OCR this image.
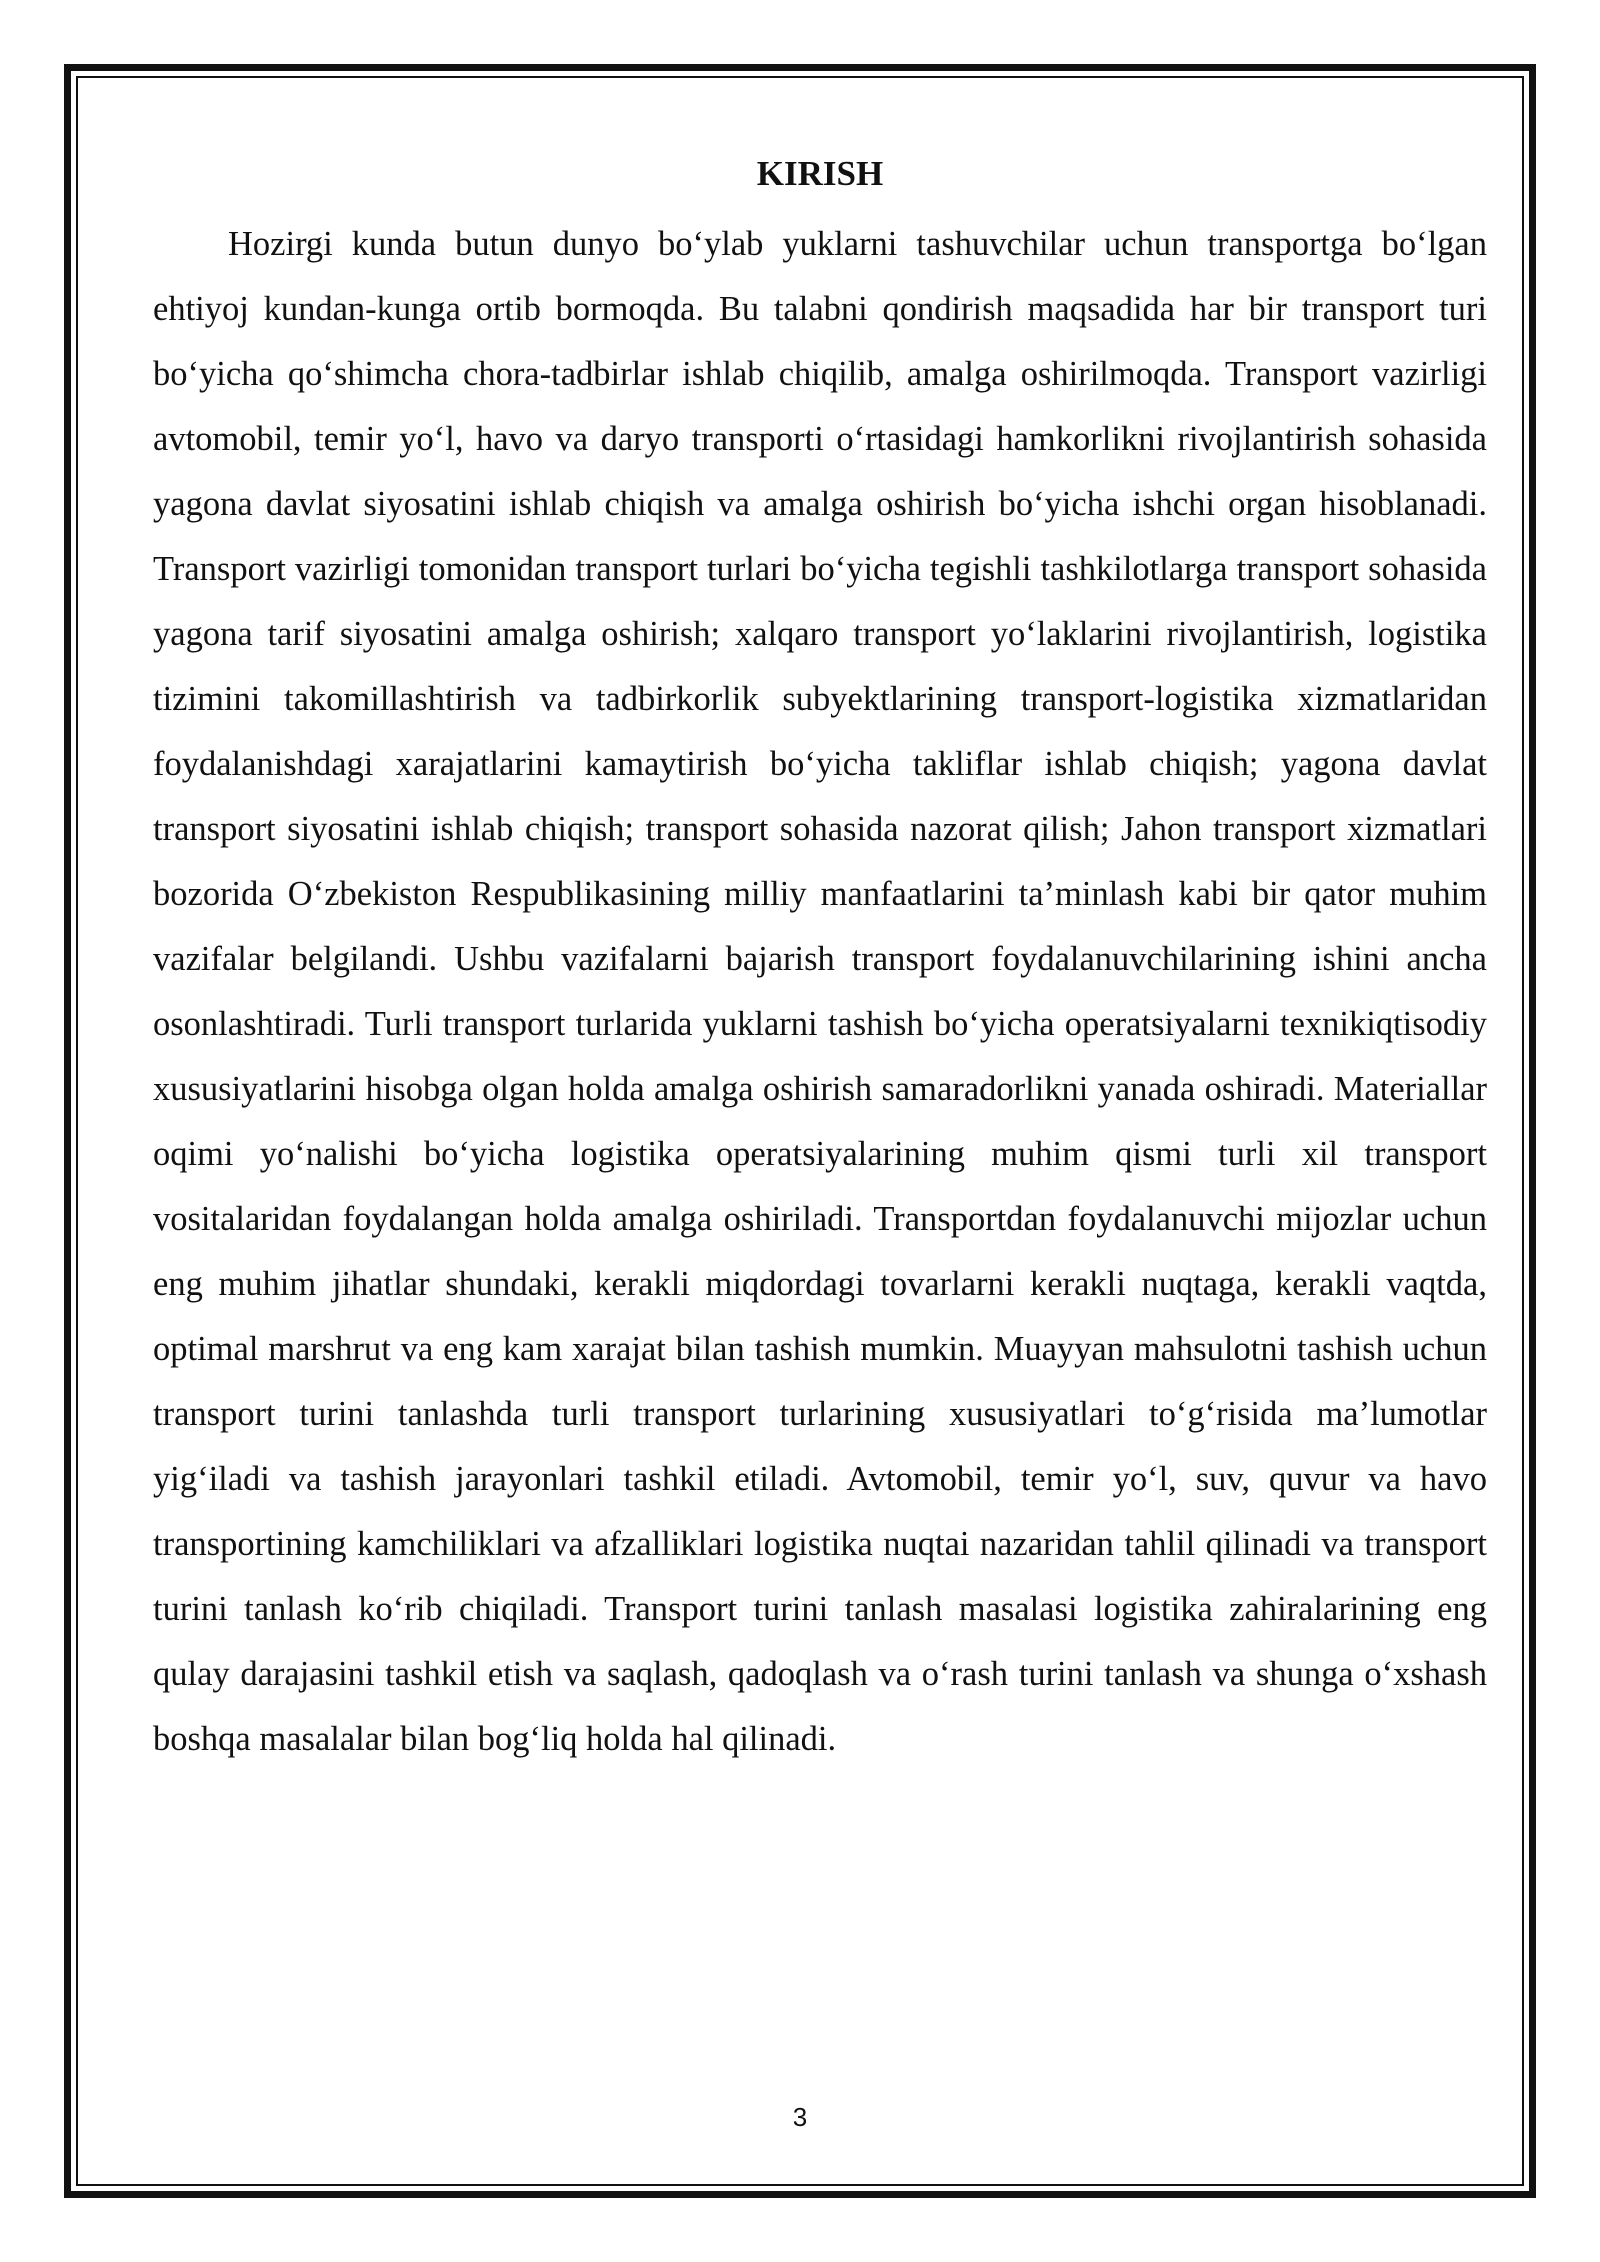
KIRISH

Hozirgi kunda butun dunyo bo‘ylab yuklarni tashuvchilar uchun transportga bo‘lgan ehtiyoj kundan-kunga ortib bormoqda. Bu talabni qondirish maqsadida har bir transport turi bo‘yicha qo‘shimcha chora-tadbirlar ishlab chiqilib, amalga oshirilmoqda. Transport vazirligi avtomobil, temir yo‘l, havo va daryo transporti o‘rtasidagi hamkorlikni rivojlantirish sohasida yagona davlat siyosatini ishlab chiqish va amalga oshirish bo‘yicha ishchi organ hisoblanadi. Transport vazirligi tomonidan transport turlari bo‘yicha tegishli tashkilotlarga transport sohasida yagona tarif siyosatini amalga oshirish; xalqaro transport yo‘laklarini rivojlantirish, logistika tizimini takomillashtirish va tadbirkorlik subyektlarining transport-logistika xizmatlaridan foydalanishdagi xarajatlarini kamaytirish bo‘yicha takliflar ishlab chiqish; yagona davlat transport siyosatini ishlab chiqish; transport sohasida nazorat qilish; Jahon transport xizmatlari bozorida O‘zbekiston Respublikasining milliy manfaatlarini ta’minlash kabi bir qator muhim vazifalar belgilandi. Ushbu vazifalarni bajarish transport foydalanuvchilarining ishini ancha osonlashtiradi. Turli transport turlarida yuklarni tashish bo‘yicha operatsiyalarni texnikiqtisodiy xususiyatlarini hisobga olgan holda amalga oshirish samaradorlikni yanada oshiradi. Materiallar oqimi yo‘nalishi bo‘yicha logistika operatsiyalarining muhim qismi turli xil transport vositalaridan foydalangan holda amalga oshiriladi. Transportdan foydalanuvchi mijozlar uchun eng muhim jihatlar shundaki, kerakli miqdordagi tovarlarni kerakli nuqtaga, kerakli vaqtda, optimal marshrut va eng kam xarajat bilan tashish mumkin. Muayyan mahsulotni tashish uchun transport turini tanlashda turli transport turlarining xususiyatlari to‘g‘risida ma’lumotlar yig‘iladi va tashish jarayonlari tashkil etiladi. Avtomobil, temir yo‘l, suv, quvur va havo transportining kamchiliklari va afzalliklari logistika nuqtai nazaridan tahlil qilinadi va transport turini tanlash ko‘rib chiqiladi. Transport turini tanlash masalasi logistika zahiralarining eng qulay darajasini tashkil etish va saqlash, qadoqlash va o‘rash turini tanlash va shunga o‘xshash boshqa masalalar bilan bog‘liq holda hal qilinadi.

3
